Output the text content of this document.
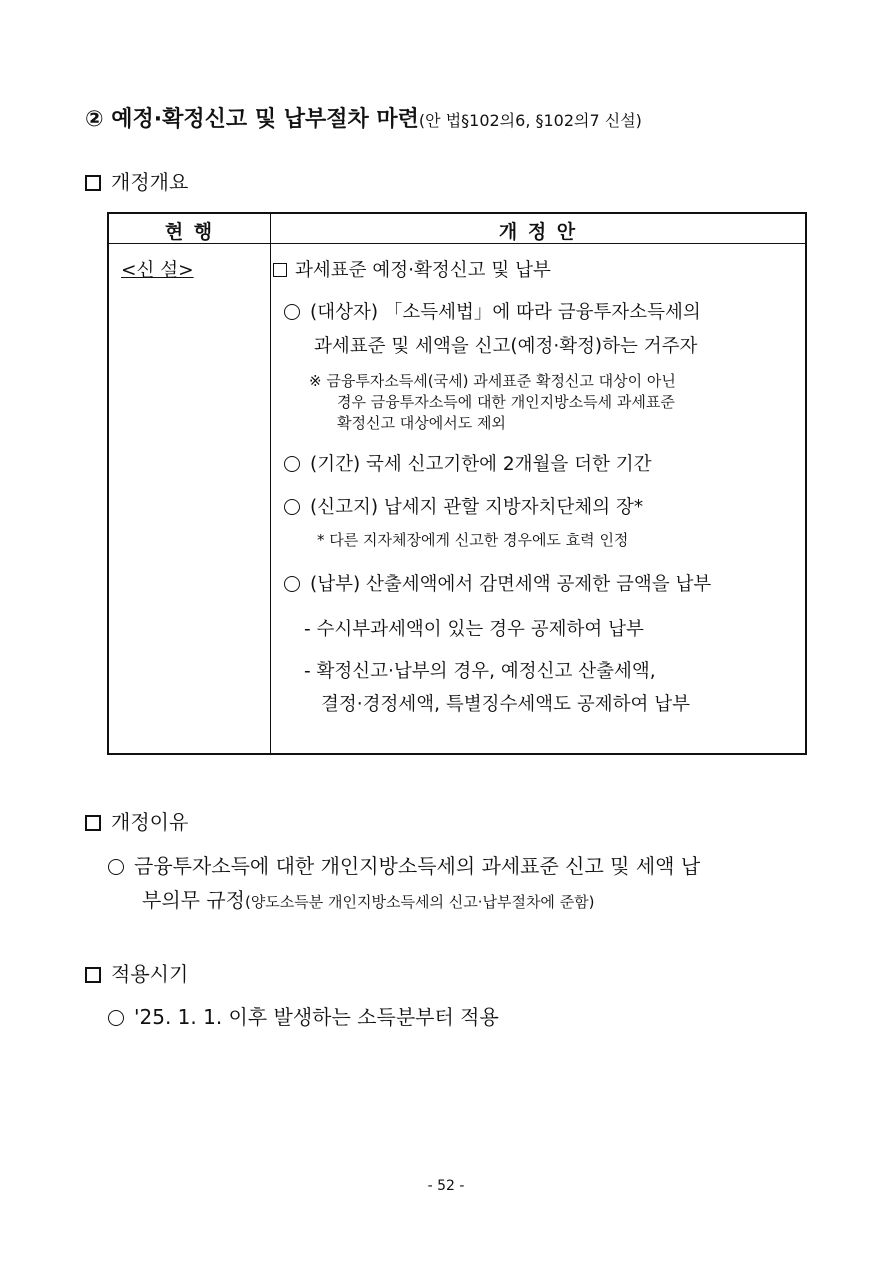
② 예정·확정신고 및 납부절차 마련(안 법§102의6, §102의7 신설)
개정개요
현 행	개 정 안
<신 설>	과세표준 예정·확정신고 및 납부
(대상자) 「소득세법」에 따라 금융투자소득세의
과세표준 및 세액을 신고(예정·확정)하는 거주자
※ 금융투자소득세(국세) 과세표준 확정신고 대상이 아닌
경우 금융투자소득에 대한 개인지방소득세 과세표준
확정신고 대상에서도 제외
(기간) 국세 신고기한에 2개월을 더한 기간
(신고지) 납세지 관할 지방자치단체의 장*
* 다른 지자체장에게 신고한 경우에도 효력 인정
(납부) 산출세액에서 감면세액 공제한 금액을 납부
- 수시부과세액이 있는 경우 공제하여 납부
- 확정신고·납부의 경우, 예정신고 산출세액,
결정·경정세액, 특별징수세액도 공제하여 납부
개정이유
금융투자소득에 대한 개인지방소득세의 과세표준 신고 및 세액 납
부의무 규정(양도소득분 개인지방소득세의 신고·납부절차에 준함)
적용시기
'25. 1. 1. 이후 발생하는 소득분부터 적용
- 52 -
